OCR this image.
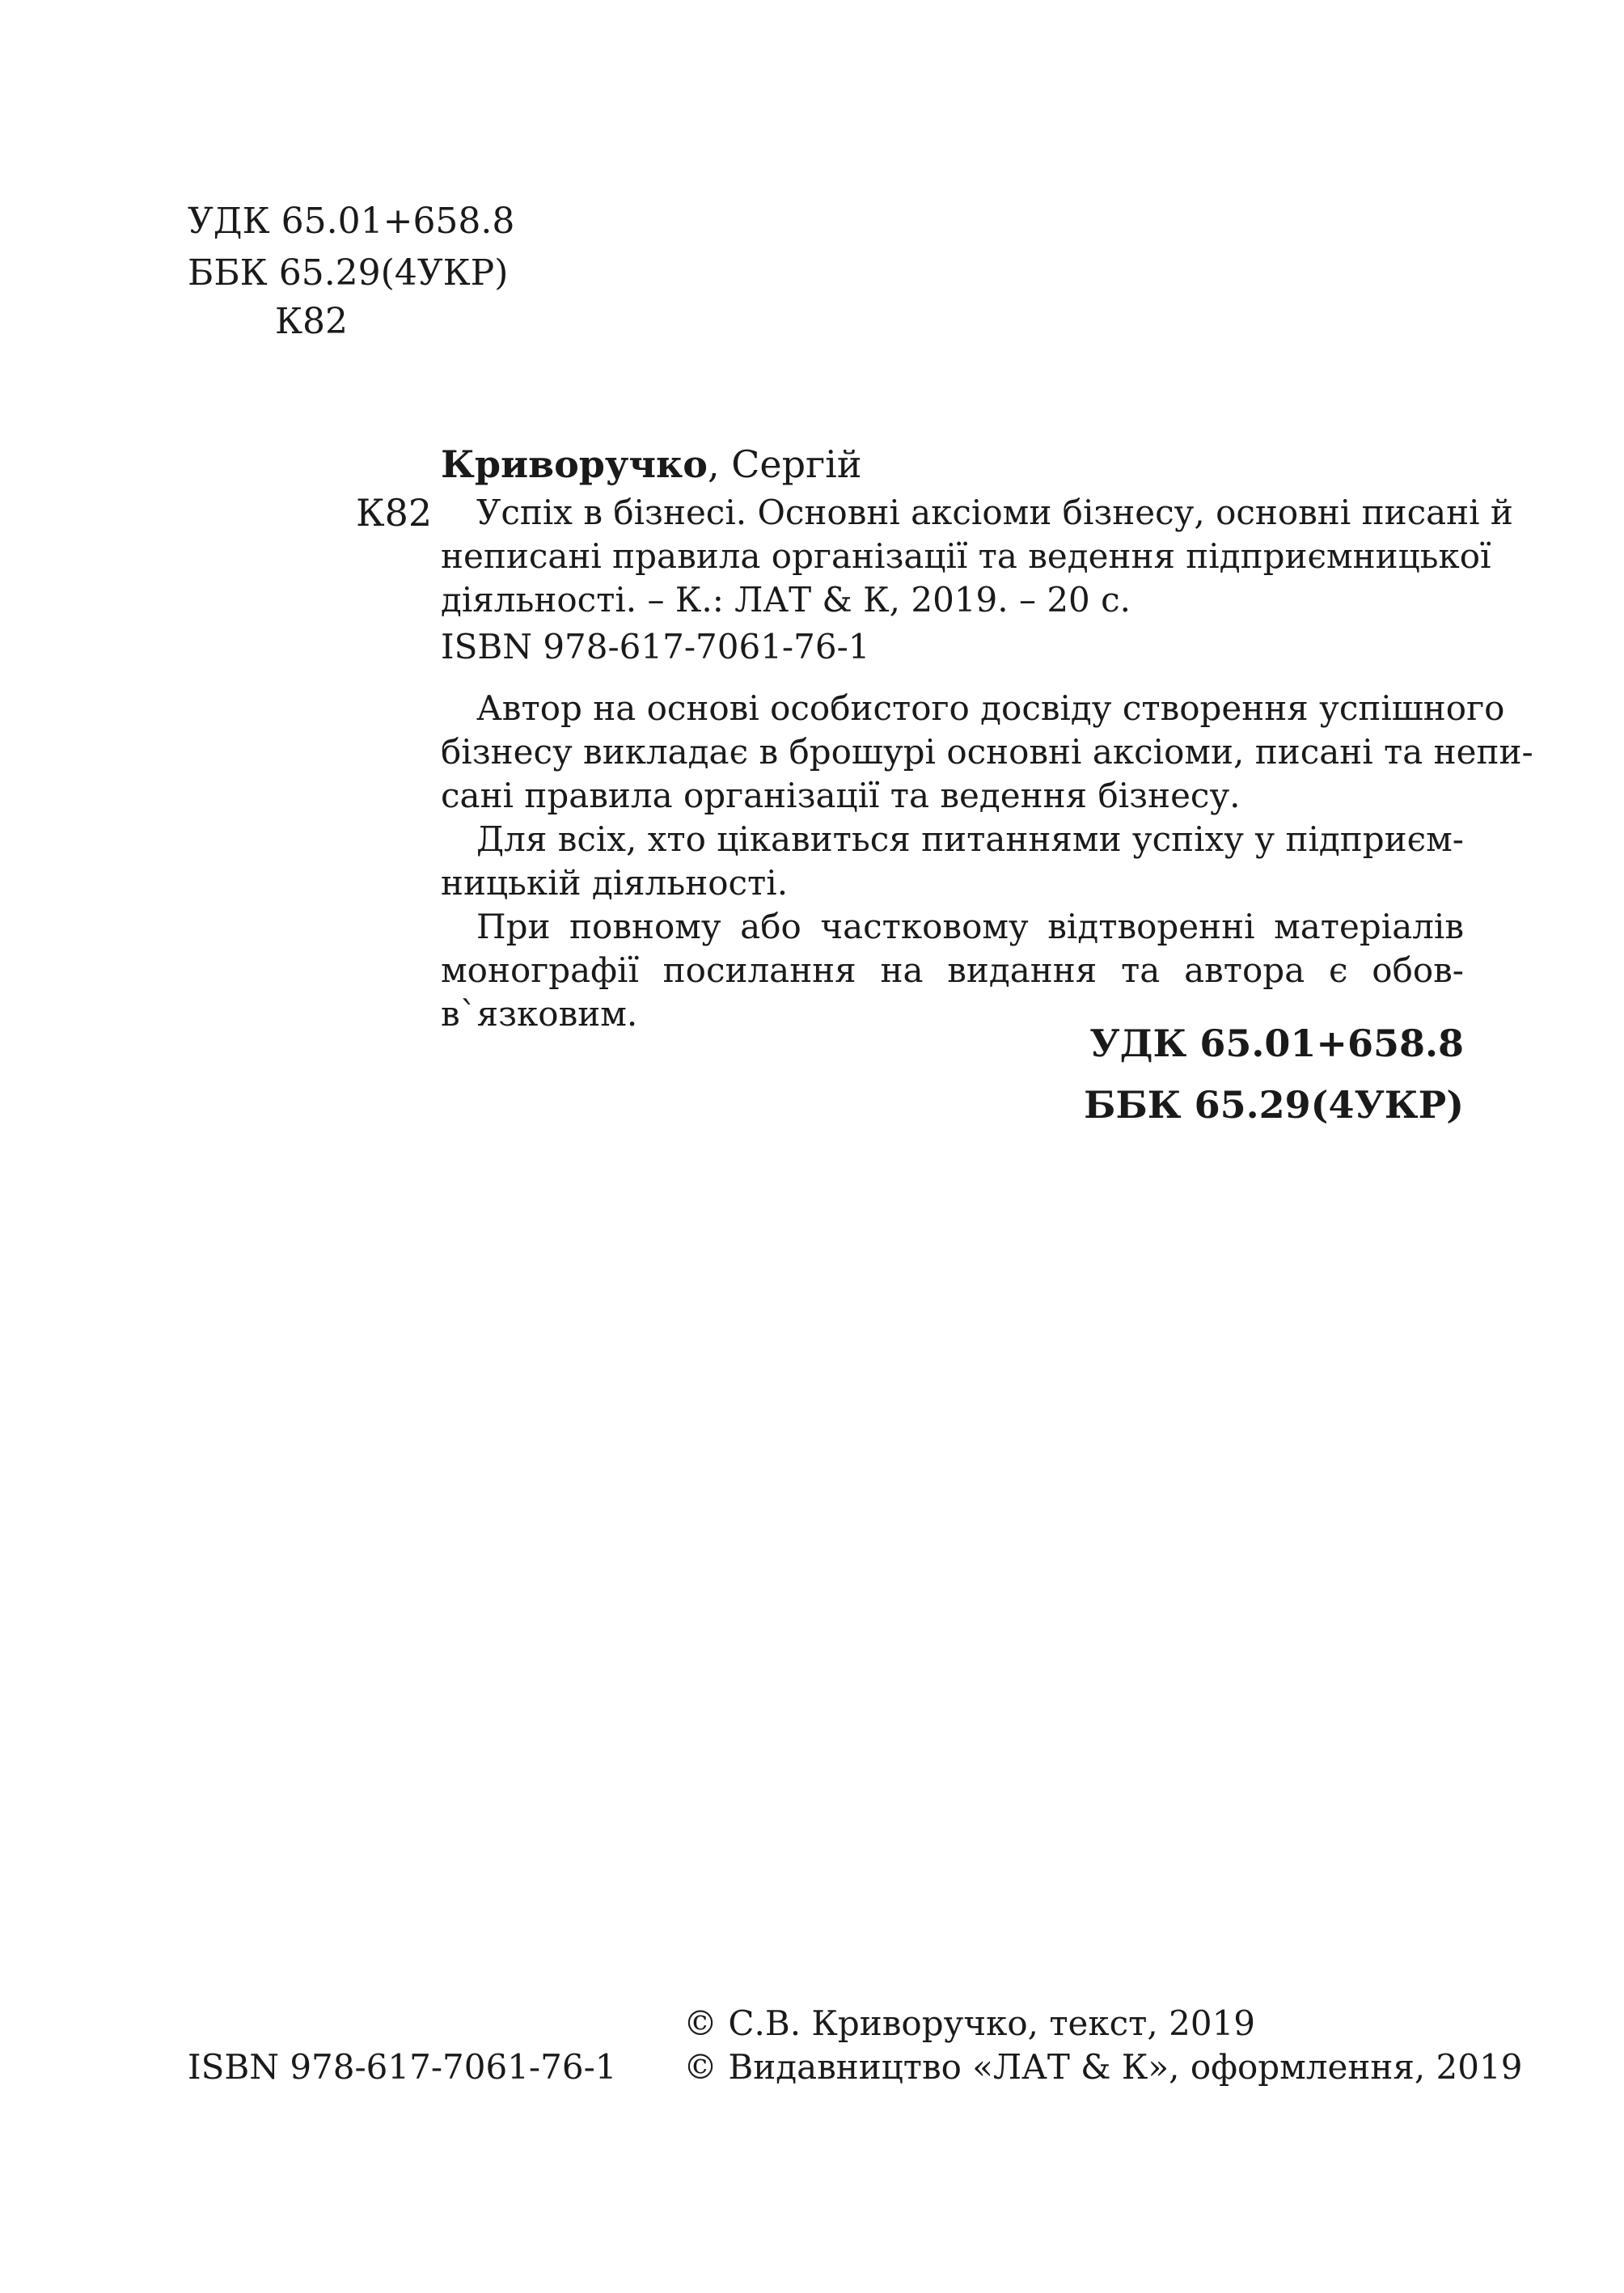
УДК 65.01+658.8
ББК 65.29(4УКР)
К82
Криворучко, Сергій
К82	Успіх в бізнесі. Основні аксіоми бізнесу, основні писані й
неписані правила організації та ведення підприємницької
діяльності. – К.: ЛАТ & К, 2019. – 20 с.
ISBN 978-617-7061-76-1
Автор на основі особистого досвіду створення успішного
бізнесу викладає в брошурі основні аксіоми, писані та непи-
сані правила організації та ведення бізнесу.
Для всіх, хто цікавиться питаннями успіху у підприєм-
ницькій діяльності.
При повному або частковому відтворенні матеріалів
монографії посилання на видання та автора є обов-
в`язковим.
УДК 65.01+658.8
ББК 65.29(4УКР)
ISBN 978-617-7061-76-1
© С.В. Криворучко, текст, 2019
© Видавництво «ЛАТ & К», оформлення, 2019
